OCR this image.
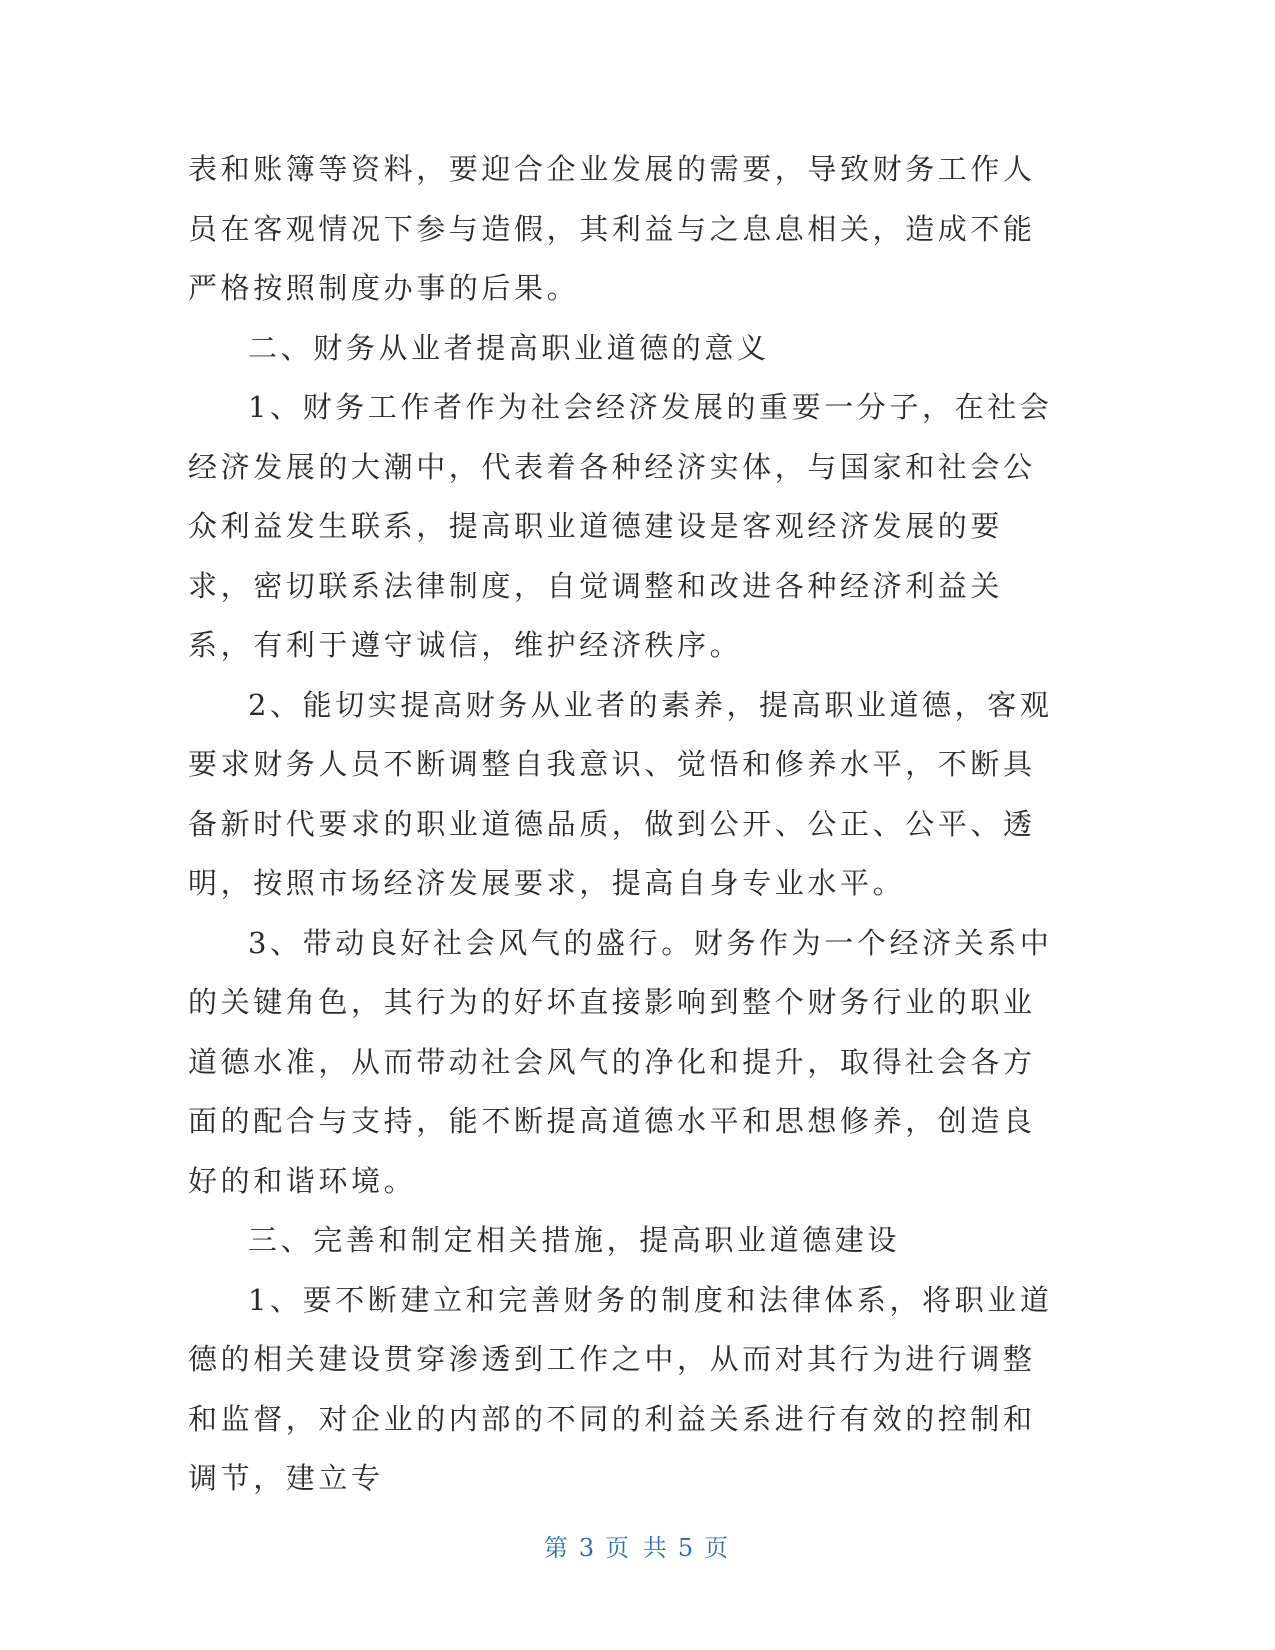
表和账簿等资料，要迎合企业发展的需要，导致财务工作人员在客观情况下参与造假，其利益与之息息相关，造成不能严格按照制度办事的后果。

二、财务从业者提高职业道德的意义

1、财务工作者作为社会经济发展的重要一分子，在社会经济发展的大潮中，代表着各种经济实体，与国家和社会公众利益发生联系，提高职业道德建设是客观经济发展的要求，密切联系法律制度，自觉调整和改进各种经济利益关系，有利于遵守诚信，维护经济秩序。

2、能切实提高财务从业者的素养，提高职业道德，客观要求财务人员不断调整自我意识、觉悟和修养水平，不断具备新时代要求的职业道德品质，做到公开、公正、公平、透明，按照市场经济发展要求，提高自身专业水平。

3、带动良好社会风气的盛行。财务作为一个经济关系中的关键角色，其行为的好坏直接影响到整个财务行业的职业道德水准，从而带动社会风气的净化和提升，取得社会各方面的配合与支持，能不断提高道德水平和思想修养，创造良好的和谐环境。

三、完善和制定相关措施，提高职业道德建设

1、要不断建立和完善财务的制度和法律体系，将职业道德的相关建设贯穿渗透到工作之中，从而对其行为进行调整和监督，对企业的内部的不同的利益关系进行有效的控制和调节，建立专

第 3 页 共 5 页
